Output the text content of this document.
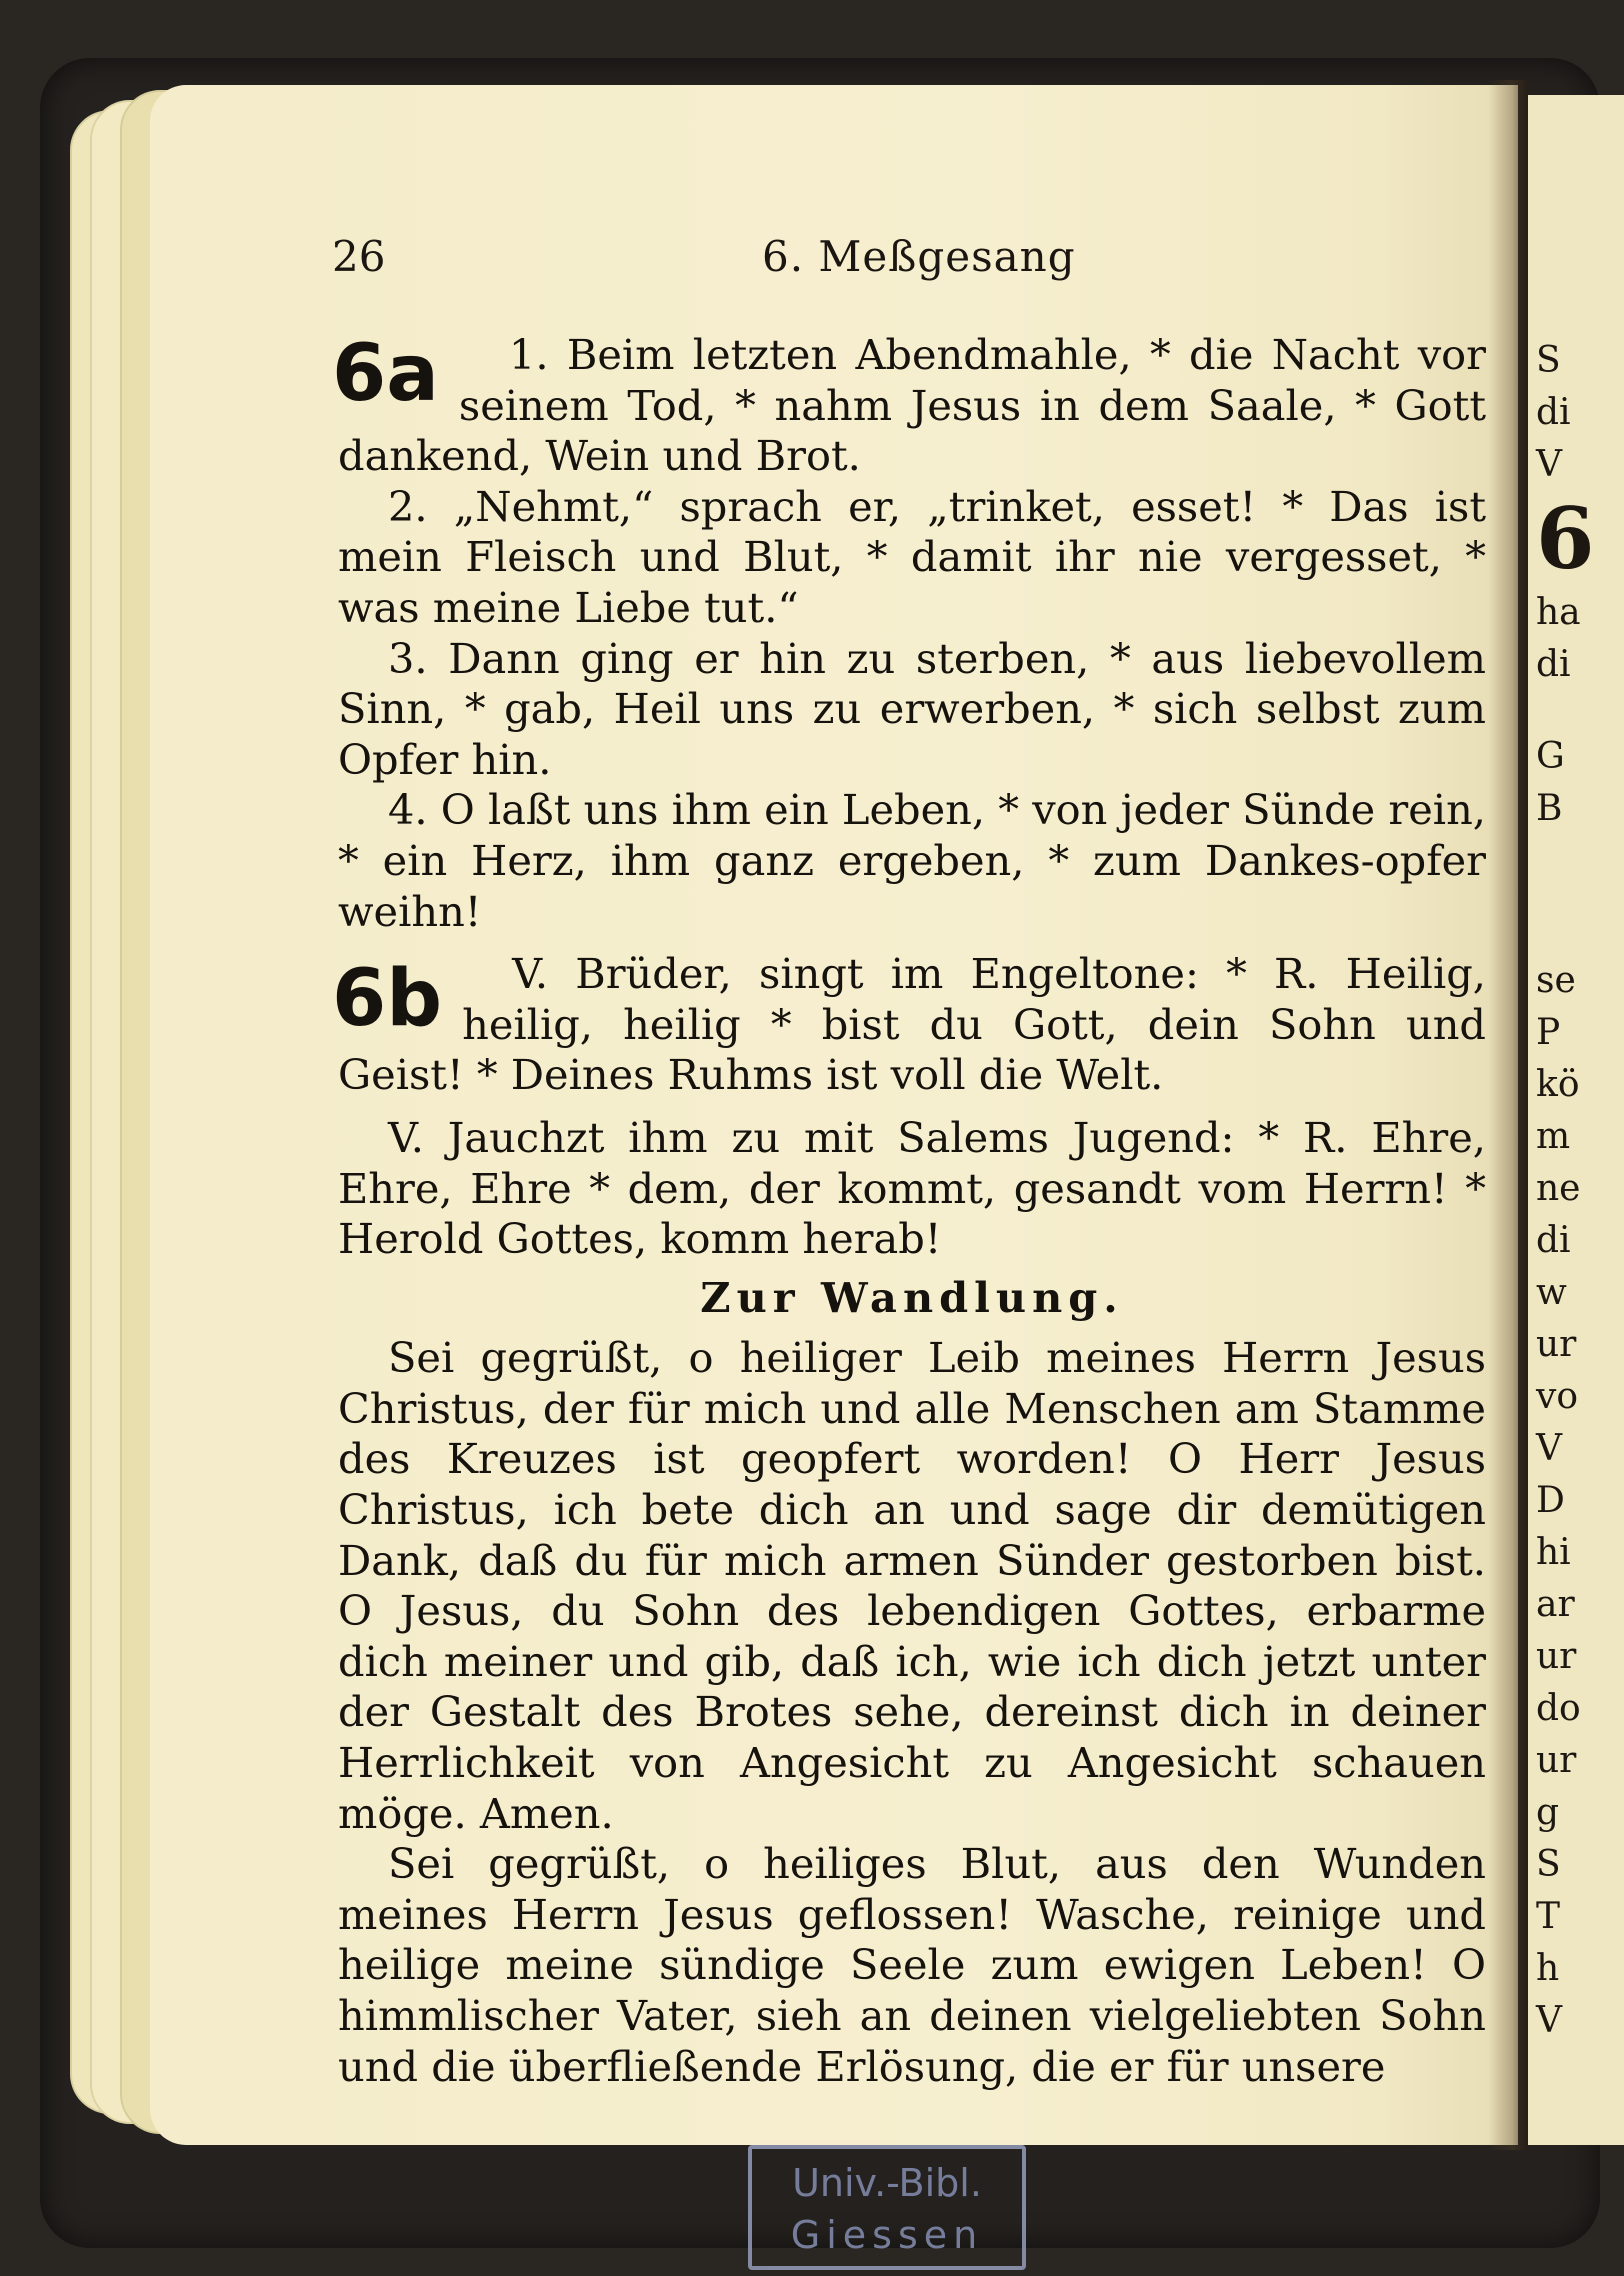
S
di
V
6
ha
di
G
B
se
P
kö
m
ne
di
w
ur
vo
V
D
hi
ar
ur
do
ur
g
S
T
h
V
26	6. Meßgesang
6a	1. Beim letzten Abendmahle, * die Nacht vor seinem Tod, * nahm Jesus in dem Saale, * Gott dankend, Wein und Brot.

2. „Nehmt,“ sprach er, „trinket, esset! * Das ist mein Fleisch und Blut, * damit ihr nie vergesset, * was meine Liebe tut.“

3. Dann ging er hin zu sterben, * aus liebevollem Sinn, * gab, Heil uns zu erwerben, * sich selbst zum Opfer hin.

4. O laßt uns ihm ein Leben, * von jeder Sünde rein, * ein Herz, ihm ganz ergeben, * zum Dankes-opfer weihn!

6b	V. Brüder, singt im Engeltone: * R. Heilig, heilig, heilig * bist du Gott, dein Sohn und Geist! * Deines Ruhms ist voll die Welt.

V. Jauchzt ihm zu mit Salems Jugend: * R. Ehre, Ehre, Ehre * dem, der kommt, gesandt vom Herrn! * Herold Gottes, komm herab!

Zur Wandlung.

Sei gegrüßt, o heiliger Leib meines Herrn Jesus Christus, der für mich und alle Menschen am Stamme des Kreuzes ist geopfert worden! O Herr Jesus Christus, ich bete dich an und sage dir demütigen Dank, daß du für mich armen Sünder gestorben bist. O Jesus, du Sohn des lebendigen Gottes, erbarme dich meiner und gib, daß ich, wie ich dich jetzt unter der Gestalt des Brotes sehe, dereinst dich in deiner Herrlichkeit von Angesicht zu Angesicht schauen möge. Amen.

Sei gegrüßt, o heiliges Blut, aus den Wunden meines Herrn Jesus geflossen! Wasche, reinige und heilige meine sündige Seele zum ewigen Leben! O himmlischer Vater, sieh an deinen vielgeliebten Sohn und die überfließende Erlösung, die er für unsere

Univ.-Bibl.
Giessen
